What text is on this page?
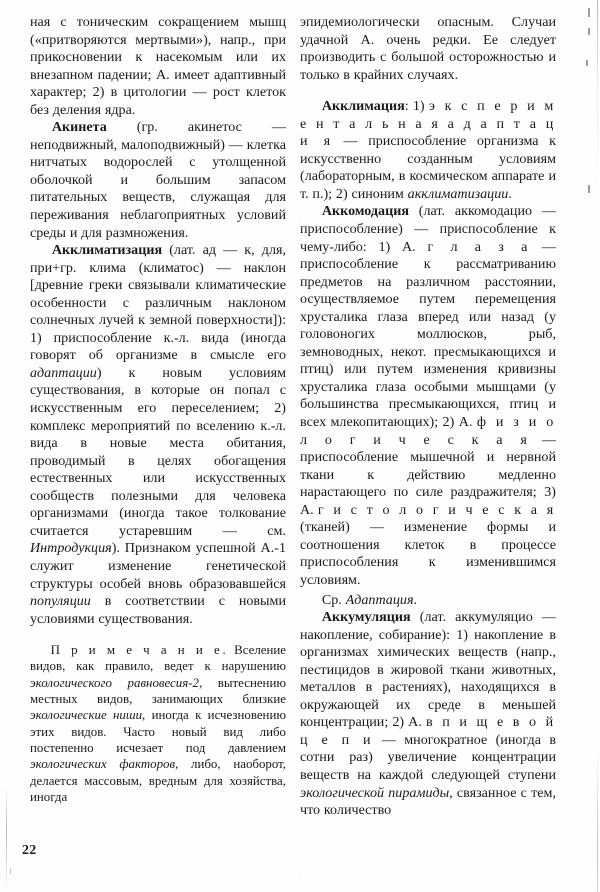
ная с тоническим сокращением мышц («притворяются мертвыми»), напр., при прикосновении к насекомым или их внезапном падении; А. имеет адаптивный характер; 2) в цитологии — рост клеток без деления ядра.

Акинета (гр. акинетос — неподвижный, малоподвижный) — клетка нитчатых водорослей с утолщенной оболочкой и большим запасом питательных веществ, служащая для переживания неблагоприятных условий среды и для размножения.

Акклиматизация (лат. ад — к, для, при+гр. клима (климатос) — наклон [древние греки связывали климатические особенности с различным наклоном солнечных лучей к земной поверхности]): 1) приспособление к.-л. вида (иногда говорят об организме в смысле его адаптации) к новым условиям существования, в которые он попал с искусственным его переселением; 2) комплекс мероприятий по вселению к.-л. вида в новые места обитания, проводимый в целях обогащения естественных или искусственных сообществ полезными для человека организмами (иногда такое толкование считается устаревшим — см. Интродукция). Признаком успешной А.-1 служит изменение генетической структуры особей вновь образовавшейся популяции в соответствии с новыми условиями существования.

П р и м е ч а н и е. Вселение видов, как правило, ведет к нарушению экологического равновесия-2, вытеснению местных видов, занимающих близкие экологические ниши, иногда к исчезновению этих видов. Часто новый вид либо постепенно исчезает под давлением экологических факторов, либо, наоборот, делается массовым, вредным для хозяйства, иногда

эпидемиологически опасным. Случаи удачной А. очень редки. Ее следует производить с большой осторожностью и только в крайних случаях.

Акклимация: 1) э к с п е р и м е н т а л ь н а я а д а п т а ц и я — приспособление организма к искусственно созданным условиям (лабораторным, в космическом аппарате и т. п.); 2) синоним акклиматизации.

Аккомодация (лат. аккомодацио — приспособление) — приспособление к чему-либо: 1) А. г л а з а — приспособление к рассматриванию предметов на различном расстоянии, осуществляемое путем перемещения хрусталика глаза вперед или назад (у головоногих моллюсков, рыб, земноводных, некот. пресмыкающихся и птиц) или путем изменения кривизны хрусталика глаза особыми мышцами (у большинства пресмыкающихся, птиц и всех млекопитающих); 2) А. ф и з и о л о г и ч е с к а я — приспособление мышечной и нервной ткани к действию медленно нарастающего по силе раздражителя; 3) А. г и с т о л о г и ч е с к а я (тканей) — изменение формы и соотношения клеток в процессе приспособления к изменившимся условиям.

Ср. Адаптация.

Аккумуляция (лат. аккумуляцио — накопление, собирание): 1) накопление в организмах химических веществ (напр., пестицидов в жировой ткани животных, металлов в растениях), находящихся в окружающей их среде в меньшей концентрации; 2) А. в п и щ е в о й ц е п и — многократное (иногда в сотни раз) увеличение концентрации веществ на каждой следующей ступени экологической пирамиды, связанное с тем, что количество

22
